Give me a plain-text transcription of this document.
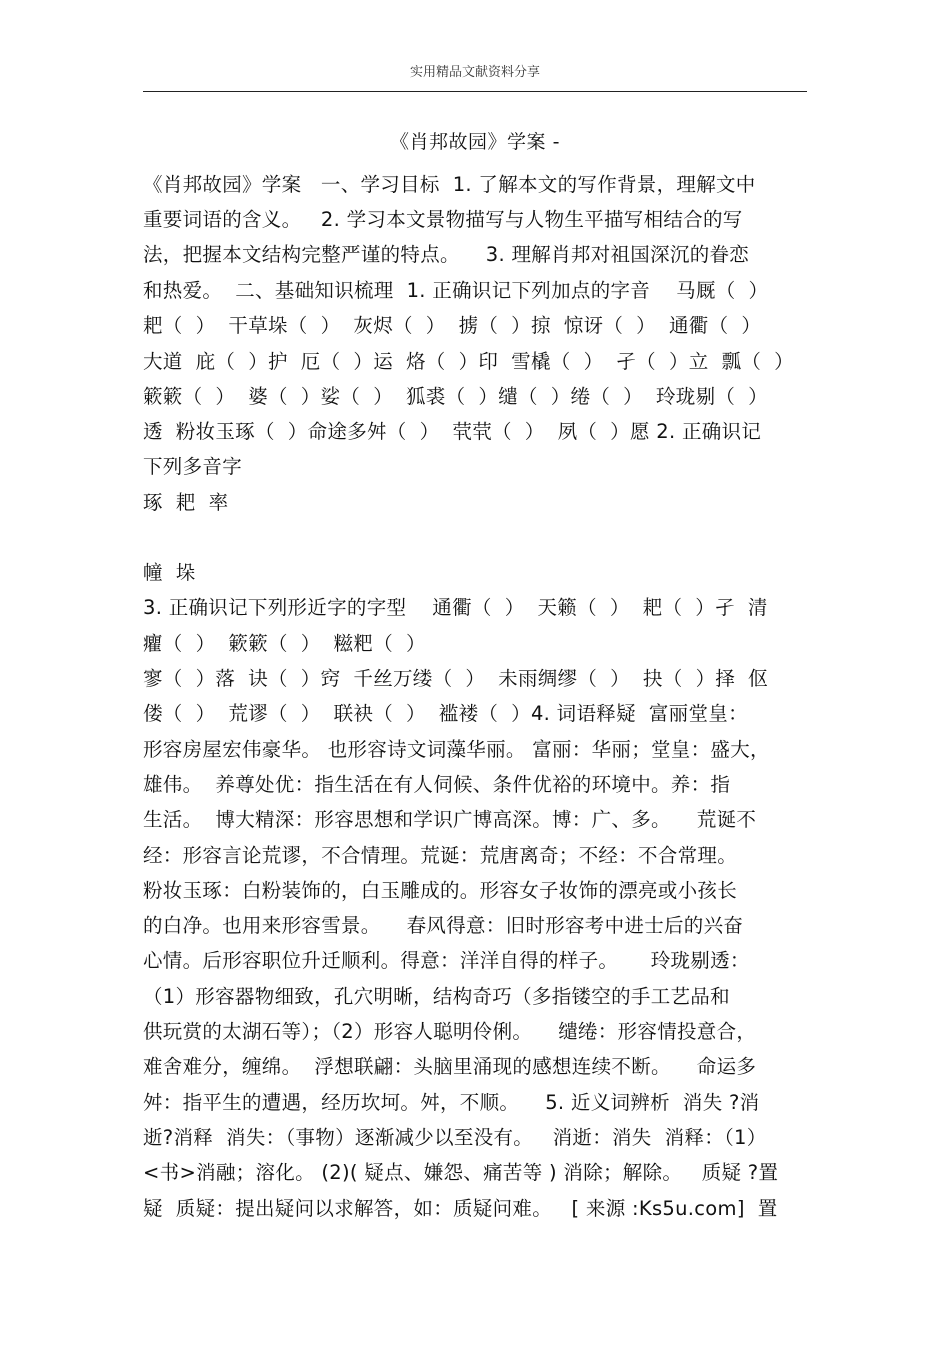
实用精品文献资料分享
《肖邦故园》学案 -
《肖邦故园》学案   一、学习目标  1. 了解本文的写作背景，理解文中
重要词语的含义。   2. 学习本文景物描写与人物生平描写相结合的写
法，把握本文结构完整严谨的特点。    3. 理解肖邦对祖国深沉的眷恋
和热爱。  二、基础知识梳理  1. 正确识记下列加点的字音    马厩（  ）
耙（  ）  干草垛（  ）  灰烬（  ）  掳（  ）掠  惊讶（  ）  通衢（  ）
大道  庇（  ）护  厄（  ）运  烙（  ）印  雪橇（  ）  孑（  ）立  瓢（  ）
簌簌（  ）  婆（  ）娑（  ）  狐裘（  ）缱（  ）绻（  ）  玲珑剔（  ）
透  粉妆玉琢（  ）命途多舛（  ）  茕茕（  ）  夙（  ）愿 2. 正确识记
下列多音字
琢  耙  率
幢  垛
3. 正确识记下列形近字的字型    通衢（  ）  天籁（  ）  耙（  ）孑  清
癯（  ）  簌簌（  ）  糍粑（  ）
寥（  ）落  诀（  ）窍  千丝万缕（  ）  未雨绸缪（  ）  抉（  ）择  伛
偻（  ）  荒谬（  ）  联袂（  ）  褴褛（  ）4. 词语释疑  富丽堂皇：
形容房屋宏伟豪华。 也形容诗文词藻华丽。 富丽：华丽；堂皇：盛大，
雄伟。  养尊处优：指生活在有人伺候、条件优裕的环境中。养：指
生活。  博大精深：形容思想和学识广博高深。博：广、多。    荒诞不
经：形容言论荒谬，不合情理。荒诞：荒唐离奇；不经：不合常理。
粉妆玉琢：白粉装饰的，白玉雕成的。形容女子妆饰的漂亮或小孩长
的白净。也用来形容雪景。    春风得意：旧时形容考中进士后的兴奋
心情。后形容职位升迁顺利。得意：洋洋自得的样子。     玲珑剔透：
（1）形容器物细致，孔穴明晰，结构奇巧（多指镂空的手工艺品和
供玩赏的太湖石等）；（2）形容人聪明伶俐。    缱绻：形容情投意合，
难舍难分，缠绵。  浮想联翩：头脑里涌现的感想连续不断。    命运多
舛：指平生的遭遇，经历坎坷。舛，不顺。    5. 近义词辨析  消失 ?消
逝?消释  消失：（事物）逐渐减少以至没有。   消逝：消失  消释：（1）
<书>消融；溶化。 (2)( 疑点、嫌怨、痛苦等 ) 消除；解除。   质疑 ?置
疑  质疑：提出疑问以求解答，如：质疑问难。   [ 来源 :Ks5u.com]  置
